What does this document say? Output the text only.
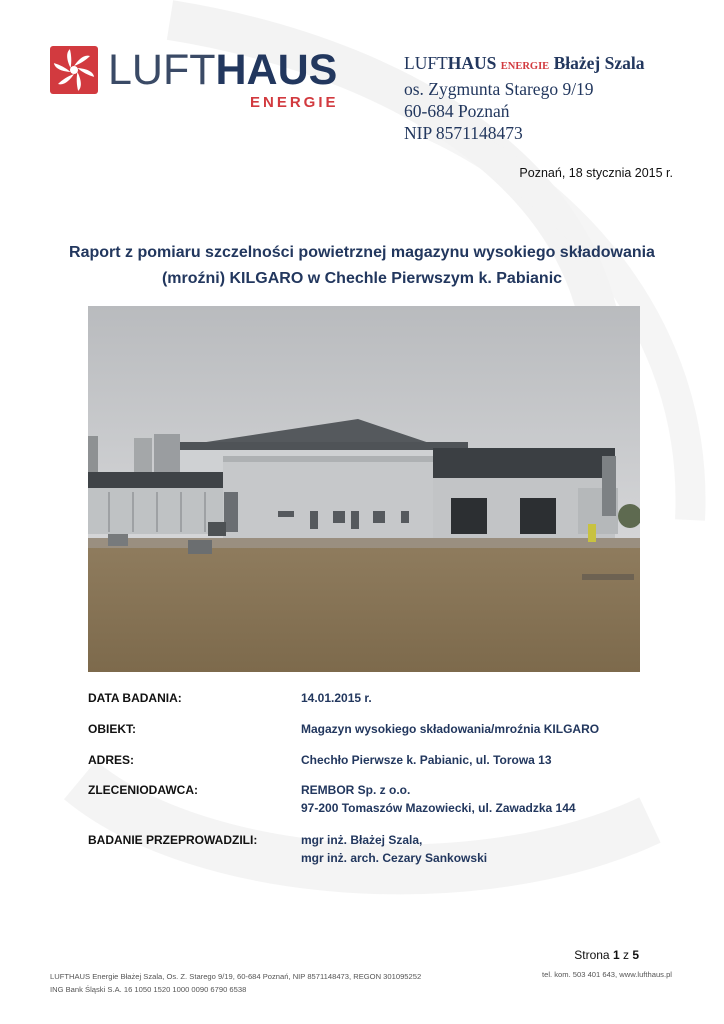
LUFTHAUS
ENERGIE
LUFTHAUS ENERGIE Błażej Szala
os. Zygmunta Starego 9/19
60-684 Poznań
NIP 8571148473
Poznań, 18 stycznia 2015 r.
Raport z pomiaru szczelności powietrznej magazynu wysokiego składowania (mroźni) KILGARO w Chechle Pierwszym k. Pabianic
DATA BADANIA:	14.01.2015 r.
OBIEKT:	Magazyn wysokiego składowania/mroźnia KILGARO
ADRES:	Chechło Pierwsze k. Pabianic, ul. Torowa 13
ZLECENIODAWCA:	REMBOR Sp. z o.o.
97-200 Tomaszów Mazowiecki, ul. Zawadzka 144
BADANIE PRZEPROWADZILI:	mgr inż. Błażej Szala,
mgr inż. arch. Cezary Sankowski
Strona 1 z 5
LUFTHAUS Energie Błażej Szala, Os. Z. Starego 9/19, 60-684 Poznań, NIP 8571148473, REGON 301095252
ING Bank Śląski S.A. 16 1050 1520 1000 0090 6790 6538
tel. kom. 503 401 643, www.lufthaus.pl
